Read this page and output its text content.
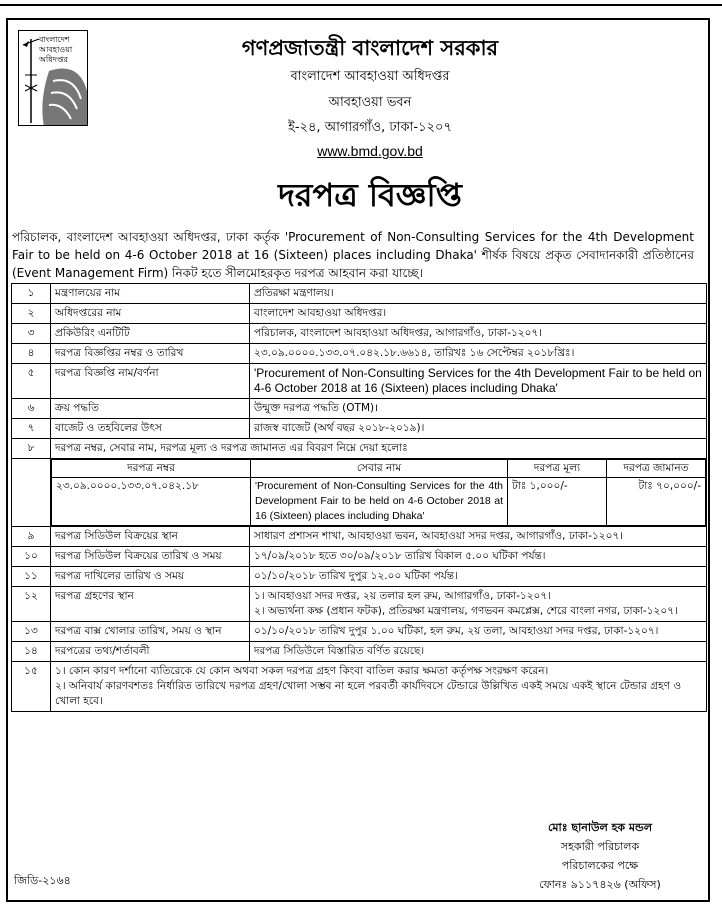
বাংলাদেশ আবহাওয়া অধিদপ্তর	গণপ্রজাতন্ত্রী বাংলাদেশ সরকার
বাংলাদেশ আবহাওয়া অধিদপ্তর
আবহাওয়া ভবন
ই-২৪, আগারগাঁও, ঢাকা-১২০৭
www.bmd.gov.bd
দরপত্র বিজ্ঞপ্তি
পরিচালক, বাংলাদেশ আবহাওয়া অধিদপ্তর, ঢাকা কর্তৃক 'Procurement of Non-Consulting Services for the 4th Development Fair to be held on 4-6 October 2018 at 16 (Sixteen) places including Dhaka' শীর্ষক বিষয়ে প্রকৃত সেবাদানকারী প্রতিষ্ঠানের (Event Management Firm) নিকট হতে সীলমোহরকৃত দরপত্র আহবান করা যাচ্ছে।
১	মন্ত্রণালয়ের নাম	প্রতিরক্ষা মন্ত্রণালয়।
২	অধিদপ্তরের নাম	বাংলাদেশ আবহাওয়া অধিদপ্তর।
৩	প্রকিউরিং এনটিটি	পরিচালক, বাংলাদেশ আবহাওয়া অধিদপ্তর, আগারগাঁও, ঢাকা-১২০৭।
৪	দরপত্র বিজ্ঞপ্তির নম্বর ও তারিখ	২৩.০৯.০০০০.১৩৩.০৭.০৪২.১৮.৬৬১৪, তারিখঃ ১৬ সেপ্টেম্বর ২০১৮খ্রিঃ।
৫	দরপত্র বিজ্ঞপ্তি নাম/বর্ণনা	'Procurement of Non-Consulting Services for the 4th Development Fair to be held on 4-6 October 2018 at 16 (Sixteen) places including Dhaka'
৬	ক্রয় পদ্ধতি	উন্মুক্ত দরপত্র পদ্ধতি (OTM)।
৭	বাজেট ও তহবিলের উৎস	রাজস্ব বাজেট (অর্থ বছর ২০১৮-২০১৯)।
৮	দরপত্র নম্বর, সেবার নাম, দরপত্র মূল্য ও দরপত্র জামানত এর বিবরণ নিম্নে দেয়া হলোঃ

দরপত্র নম্বর	সেবার নাম	দরপত্র মূল্য	দরপত্র জামানত
২৩.০৯.০০০০.১৩৩.০৭.০৪২.১৮	'Procurement of Non-Consulting Services for the 4th Development Fair to be held on 4-6 October 2018 at 16 (Sixteen) places including Dhaka'	টাঃ ১,০০০/-	টাঃ ৭০,০০০/-

৯	দরপত্র সিডিউল বিক্রয়ের স্থান	সাধারণ প্রশাসন শাখা, আবহাওয়া ভবন, আবহাওয়া সদর দপ্তর, আগারগাঁও, ঢাকা-১২০৭।
১০	দরপত্র সিডিউল বিক্রয়ের তারিখ ও সময়	১৭/০৯/২০১৮ হতে ৩০/০৯/২০১৮ তারিখ বিকাল ৫.০০ ঘটিকা পর্যন্ত।
১১	দরপত্র দাখিলের তারিখ ও সময়	০১/১০/২০১৮ তারিখ দুপুর ১২.০০ ঘটিকা পর্যন্ত।
১২	দরপত্র গ্রহণের স্থান	১। আবহাওয়া সদর দপ্তর, ২য় তলার হল রুম, আগারগাঁও, ঢাকা-১২০৭।
২। অভ্যর্থনা কক্ষ (প্রধান ফটক), প্রতিরক্ষা মন্ত্রণালয়, গণভবন কমপ্লেক্স, শেরে বাংলা নগর, ঢাকা-১২০৭।

১৩	দরপত্র বাক্স খোলার তারিখ, সময় ও স্থান	০১/১০/২০১৮ তারিখ দুপুর ১.০০ ঘটিকা, হল রুম, ২য় তলা, আবহাওয়া সদর দপ্তর, ঢাকা-১২০৭।
১৪	দরপত্রের তথ্য/শর্তাবলী	দরপত্র সিডিউলে বিস্তারিত বর্ণিত রয়েছে।
১৫	১। কোন কারণ দর্শানো ব্যতিরেকে যে কোন অথবা সকল দরপত্র গ্রহণ কিংবা বাতিল করার ক্ষমতা কর্তৃপক্ষ সংরক্ষণ করেন।
২। অনিবার্য কারণবশতঃ নির্ধারিত তারিখে দরপত্র গ্রহণ/খোলা সম্ভব না হলে পরবর্তী কার্যদিবসে টেন্ডারে উল্লিখিত একই সময়ে একই স্থানে টেন্ডার গ্রহণ ও খোলা হবে।
মোঃ ছানাউল হক মন্ডল
সহকারী পরিচালক
পরিচালকের পক্ষে
ফোনঃ ৯১১৭৪২৬ (অফিস)
জিডি-২১৬৪
